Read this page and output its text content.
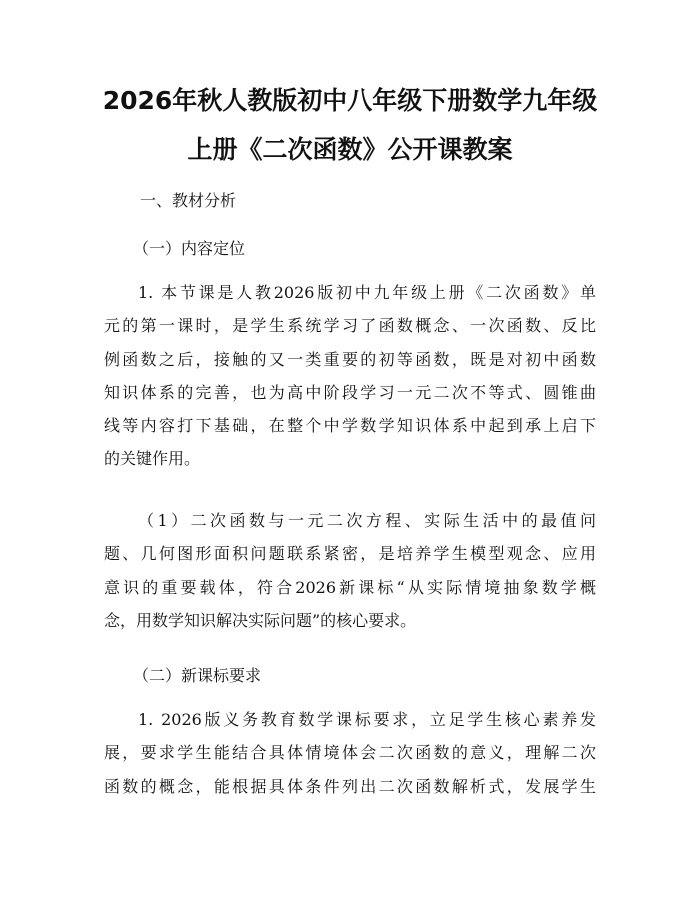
2026年秋人教版初中八年级下册数学九年级
上册《二次函数》公开课教案

一、教材分析

（一）内容定位

1. 本节课是人教2026版初中九年级上册《二次函数》单
元的第一课时，是学生系统学习了函数概念、一次函数、反比
例函数之后，接触的又一类重要的初等函数，既是对初中函数
知识体系的完善，也为高中阶段学习一元二次不等式、圆锥曲
线等内容打下基础，在整个中学数学知识体系中起到承上启下
的关键作用。
（1）二次函数与一元二次方程、实际生活中的最值问
题、几何图形面积问题联系紧密，是培养学生模型观念、应用
意识的重要载体，符合2026新课标“从实际情境抽象数学概
念，用数学知识解决实际问题”的核心要求。

（二）新课标要求

1. 2026版义务教育数学课标要求，立足学生核心素养发
展，要求学生能结合具体情境体会二次函数的意义，理解二次
函数的概念，能根据具体条件列出二次函数解析式，发展学生
